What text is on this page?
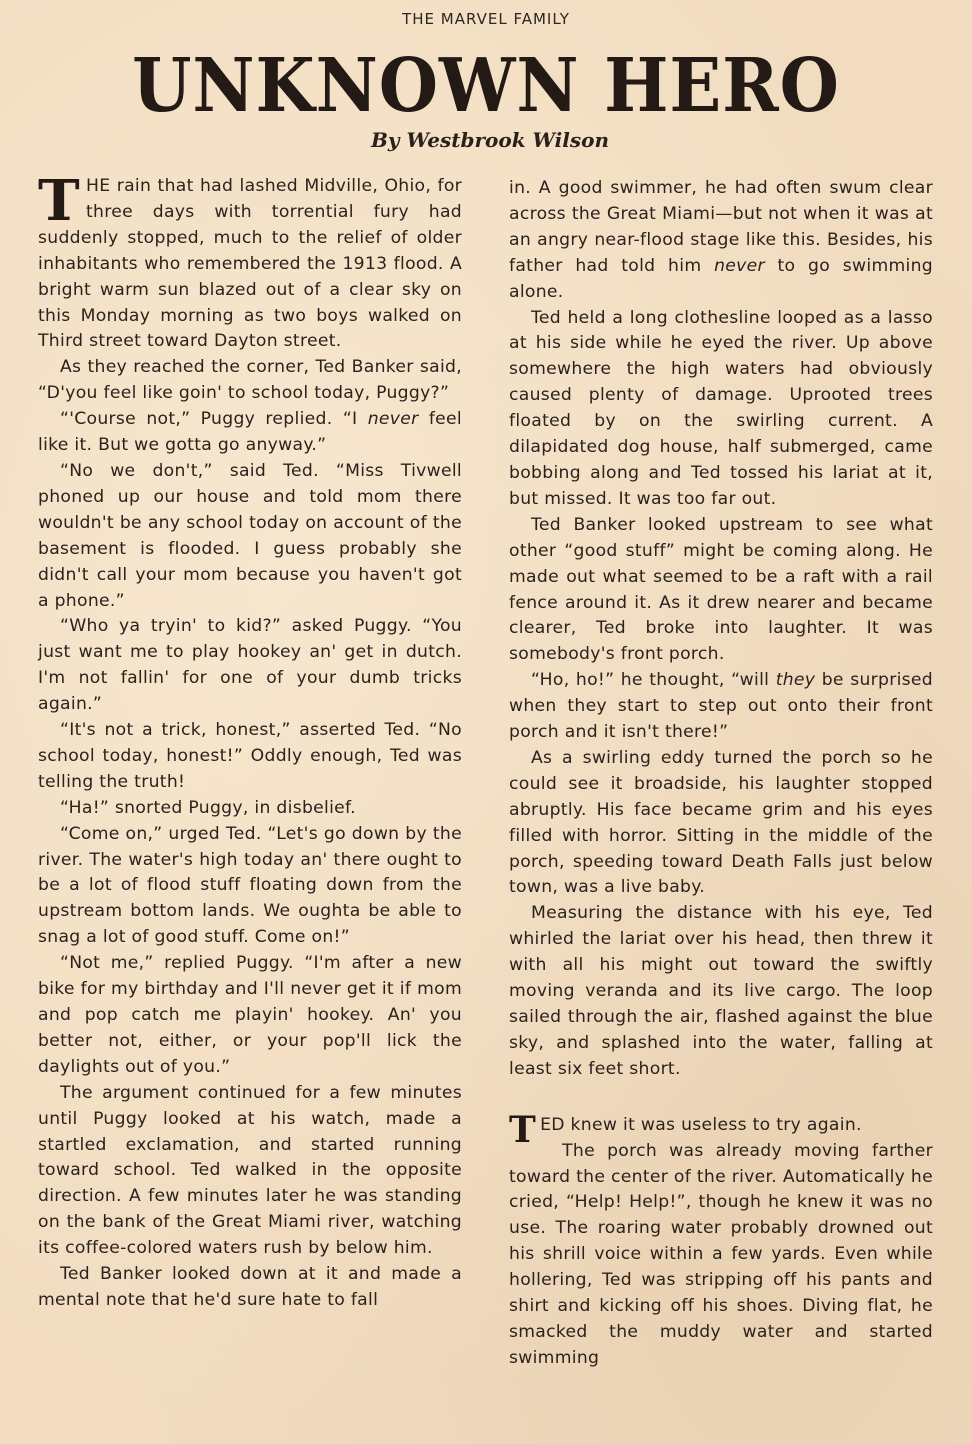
THE MARVEL FAMILY
UNKNOWN HERO
By Westbrook Wilson

THE rain that had lashed Midville, Ohio, for three days with torrential fury had suddenly stopped, much to the relief of older inhabitants who remembered the 1913 flood. A bright warm sun blazed out of a clear sky on this Monday morning as two boys walked on Third street toward Dayton street.

As they reached the corner, Ted Banker said, “D'you feel like goin' to school today, Puggy?”

“'Course not,” Puggy replied. “I never feel like it. But we gotta go anyway.”

“No we don't,” said Ted. “Miss Tivwell phoned up our house and told mom there wouldn't be any school today on account of the basement is flooded. I guess probably she didn't call your mom because you haven't got a phone.”

“Who ya tryin' to kid?” asked Puggy. “You just want me to play hookey an' get in dutch. I'm not fallin' for one of your dumb tricks again.”

“It's not a trick, honest,” asserted Ted. “No school today, honest!” Oddly enough, Ted was telling the truth!

“Ha!” snorted Puggy, in disbelief.

“Come on,” urged Ted. “Let's go down by the river. The water's high today an' there ought to be a lot of flood stuff floating down from the upstream bottom lands. We oughta be able to snag a lot of good stuff. Come on!”

“Not me,” replied Puggy. “I'm after a new bike for my birthday and I'll never get it if mom and pop catch me playin' hookey. An' you better not, either, or your pop'll lick the daylights out of you.”

The argument continued for a few minutes until Puggy looked at his watch, made a startled exclamation, and started running toward school. Ted walked in the opposite direction. A few minutes later he was standing on the bank of the Great Miami river, watching its coffee-colored waters rush by below him.

Ted Banker looked down at it and made a mental note that he'd sure hate to fall

in. A good swimmer, he had often swum clear across the Great Miami—but not when it was at an angry near-flood stage like this. Besides, his father had told him never to go swimming alone.

Ted held a long clothesline looped as a lasso at his side while he eyed the river. Up above somewhere the high waters had obviously caused plenty of damage. Uprooted trees floated by on the swirling current. A dilapidated dog house, half submerged, came bobbing along and Ted tossed his lariat at it, but missed. It was too far out.

Ted Banker looked upstream to see what other “good stuff” might be coming along. He made out what seemed to be a raft with a rail fence around it. As it drew nearer and became clearer, Ted broke into laughter. It was somebody's front porch.

“Ho, ho!” he thought, “will they be surprised when they start to step out onto their front porch and it isn't there!”

As a swirling eddy turned the porch so he could see it broadside, his laughter stopped abruptly. His face became grim and his eyes filled with horror. Sitting in the middle of the porch, speeding toward Death Falls just below town, was a live baby.

Measuring the distance with his eye, Ted whirled the lariat over his head, then threw it with all his might out toward the swiftly moving veranda and its live cargo. The loop sailed through the air, flashed against the blue sky, and splashed into the water, falling at least six feet short.

TED knew it was useless to try again.

The porch was already moving farther toward the center of the river. Automatically he cried, “Help! Help!”, though he knew it was no use. The roaring water probably drowned out his shrill voice within a few yards. Even while hollering, Ted was stripping off his pants and shirt and kicking off his shoes. Diving flat, he smacked the muddy water and started swimming
